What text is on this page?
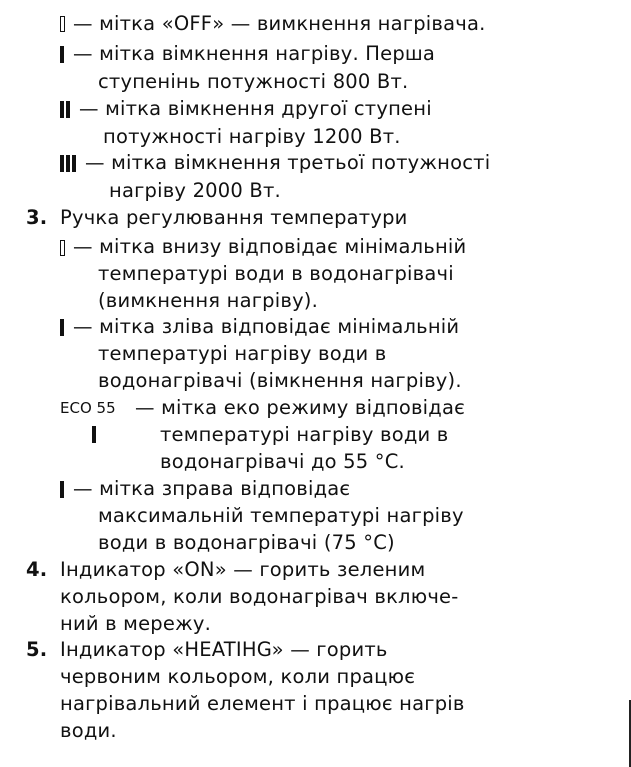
— мітка «OFF» — вимкнення нагрівача.
— мітка вімкнення нагріву. Перша
ступенінь потужності 800 Вт.
— мітка вімкнення другої ступені
потужності нагріву 1200 Вт.
— мітка вімкнення третьої потужності
нагріву 2000 Вт.
3. Ручка регулювання температури
— мітка внизу відповідає мінімальній
температурі води в водонагрівачі
(вимкнення нагріву).
— мітка зліва відповідає мінімальній
температурі нагріву води в
водонагрівачі (вімкнення нагріву).
ECO 55 — мітка еко режиму відповідає
температурі нагріву води в
водонагрівачі до 55 °C.
— мітка зправа відповідає
максимальній температурі нагріву
води в водонагрівачі (75 °C)
4. Індикатор «ON» — горить зеленим
кольором, коли водонагрівач включе-
ний в мережу.
5. Індикатор «HEATIHG» — горить
червоним кольором, коли працює
нагрівальний елемент і працює нагрів
води.
